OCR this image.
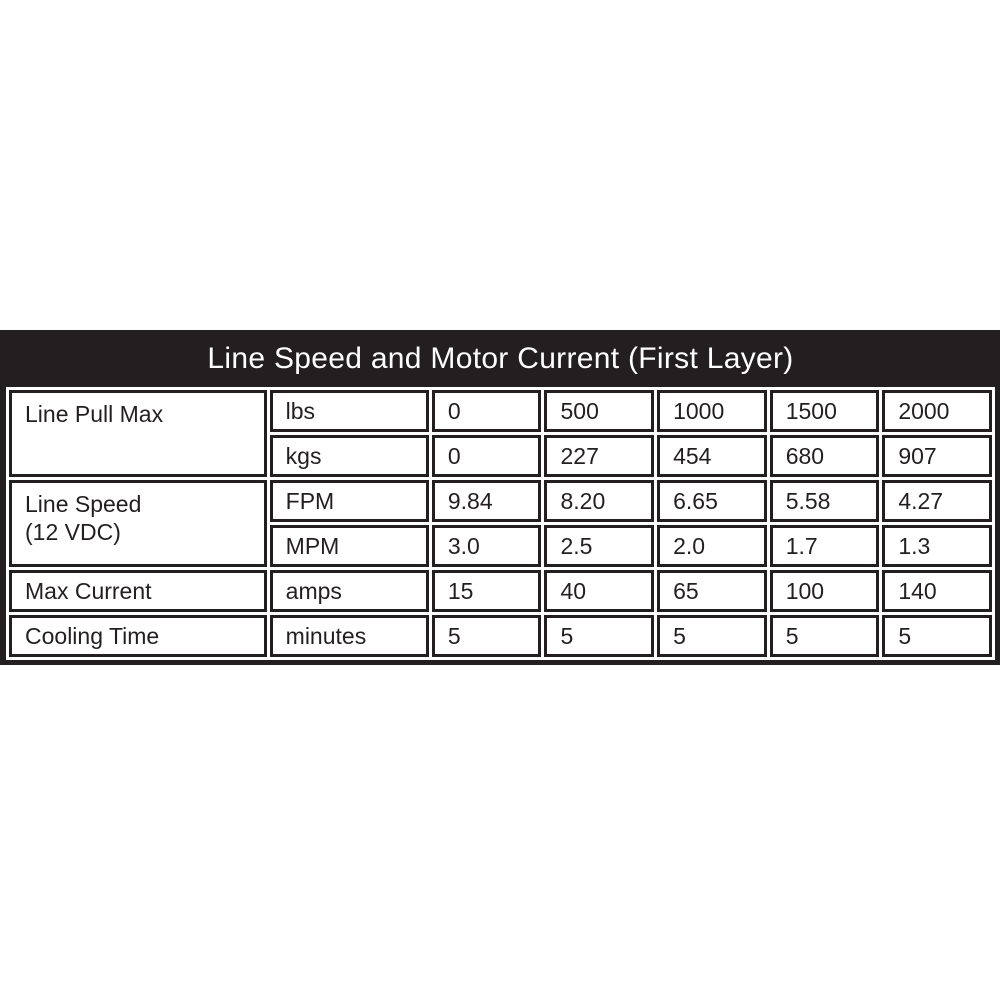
Line Speed and Motor Current (First Layer)
Line Pull Max	lbs	0	500	1000	1500	2000
	kgs	0	227	454	680	907

Line Speed
(12 VDC)	FPM	9.84	8.20	6.65	5.58	4.27
	MPM	3.0	2.5	2.0	1.7	1.3
Max Current	amps	15	40	65	100	140
Cooling Time	minutes	5	5	5	5	5
